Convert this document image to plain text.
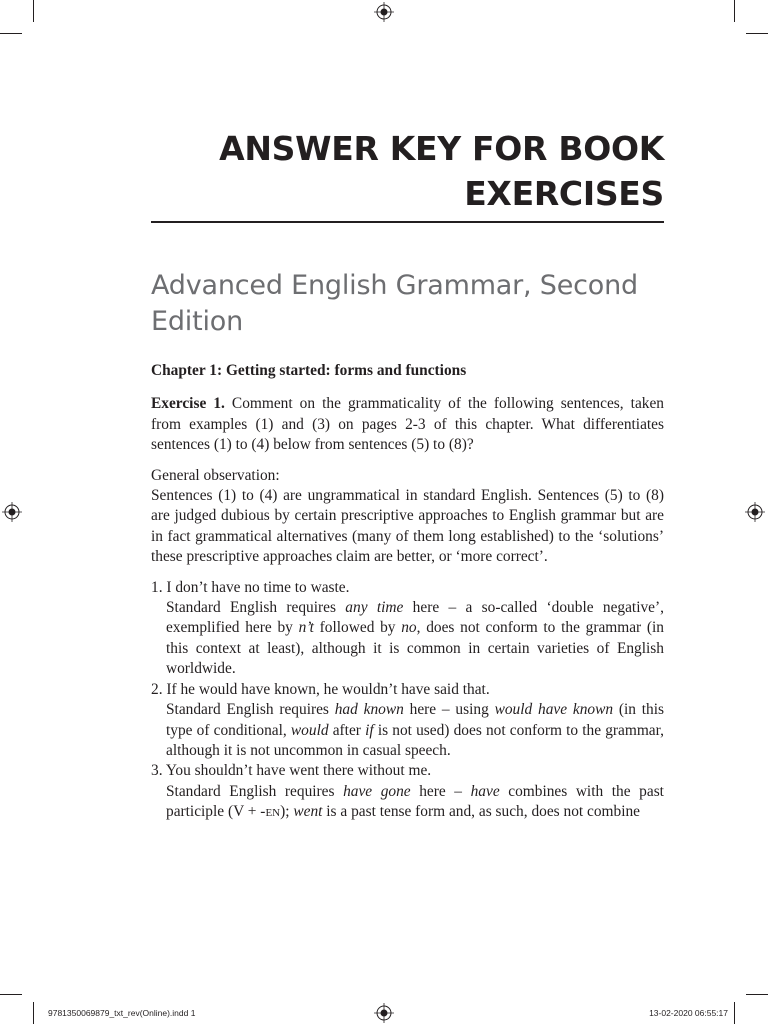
ANSWER KEY FOR BOOK
EXERCISES
Advanced English Grammar, Second
Edition

Chapter 1: Getting started: forms and functions

Exercise 1. Comment on the grammaticality of the following sentences, taken from examples (1) and (3) on pages 2-3 of this chapter. What differentiates sentences (1) to (4) below from sentences (5) to (8)?

General observation:
Sentences (1) to (4) are ungrammatical in standard English. Sentences (5) to (8) are judged dubious by certain prescriptive approaches to English grammar but are in fact grammatical alternatives (many of them long established) to the ‘solutions’ these prescriptive approaches claim are better, or ‘more correct’.

1. I don’t have no time to waste.
Standard English requires any time here – a so-called ‘double negative’, exemplified here by n’t followed by no, does not conform to the grammar (in this context at least), although it is common in certain varieties of English worldwide.
2. If he would have known, he wouldn’t have said that.
Standard English requires had known here – using would have known (in this type of conditional, would after if is not used) does not conform to the grammar, although it is not uncommon in casual speech.
3. You shouldn’t have went there without me.
Standard English requires have gone here – have combines with the past participle (V + -en); went is a past tense form and, as such, does not combine
9781350069879_txt_rev(Online).indd 1	13-02-2020 06:55:17
